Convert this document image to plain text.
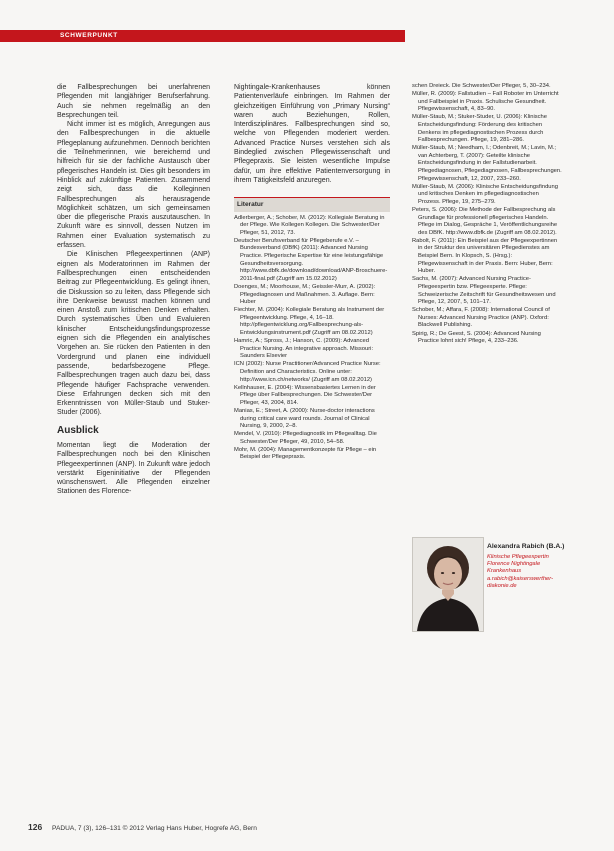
SCHWERPUNKT

die Fallbesprechungen bei unerfahrenen Pflegenden mit langjähriger Berufserfahrung. Auch sie nehmen regelmäßig an den Besprechungen teil.

Nicht immer ist es möglich, Anregungen aus den Fallbesprechungen in die aktuelle Pflegeplanung aufzunehmen. Dennoch berichten die Teilnehmerinnen, wie bereichernd und hilfreich für sie der fachliche Austausch über pflegerisches Handeln ist. Dies gilt besonders im Hinblick auf zukünftige Patienten. Zusammend zeigt sich, dass die Kolleginnen Fallbesprechungen als herausragende Möglichkeit schätzen, um sich gemeinsamen über die pflegerische Praxis auszutauschen. In Zukunft wäre es sinnvoll, dessen Nutzen im Rahmen einer Evaluation systematisch zu erfassen.

Die Klinischen Pflegeexpertinnen (ANP) eignen als Moderatorinnen im Rahmen der Fallbesprechungen einen entscheidenden Beitrag zur Pflegeentwicklung. Es gelingt ihnen, die Diskussion so zu leiten, dass Pflegende sich ihre Denkweise bewusst machen können und einen Anstoß zum kritischen Denken erhalten. Durch systematisches Üben und Evaluieren klinischer Entscheidungsfindungsprozesse eignen sich die Pflegenden ein analytisches Vorgehen an. Sie rücken den Patienten in den Vordergrund und planen eine individuell passende, bedarfsbezogene Pflege. Fallbesprechungen tragen auch dazu bei, dass Pflegende häufiger Fachsprache verwenden. Diese Erfahrungen decken sich mit den Erkenntnissen von Müller-Staub und Stuker-Studer (2006).

Ausblick

Momentan liegt die Moderation der Fallbesprechungen noch bei den Klinischen Pflegeexpertinnen (ANP). In Zukunft wäre jedoch verstärkt Eigeninitiative der Pflegenden wünschenswert. Alle Pflegenden einzelner Stationen des Florence-

Nightingale-Krankenhauses können Patientenverläufe einbringen. Im Rahmen der gleichzeitigen Einführung von „Primary Nursing“ waren auch Beziehungen, Rollen, Interdisziplinäres. Fallbesprechungen sind so, welche von Pflegenden moderiert werden. Advanced Practice Nurses verstehen sich als Bindeglied zwischen Pflegewissenschaft und Pflegepraxis. Sie leisten wesentliche Impulse dafür, um ihre effektive Patientenversorgung in ihrem Tätigkeitsfeld anzuregen.

Literatur

Adlerberger, A.; Schober, M. (2012): Kollegiale Beratung in der Pflege. Wie Kollegen Kollegen. Die Schwester/Der Pfleger, 51, 2012, 73.

Deutscher Berufsverband für Pflegeberufe e.V. – Bundesverband (DBfK) (2011): Advanced Nursing Practice. Pflegerische Expertise für eine leistungsfähige Gesundheitsversorgung. http://www.dbfk.de/download/download/ANP-Broschuere-2011-final.pdf (Zugriff am 15.02.2012)

Doenges, M.; Moorhouse, M.; Geissler-Murr, A. (2002): Pflegediagnosen und Maßnahmen. 3. Auflage. Bern: Huber

Fiechter, M. (2004): Kollegiale Beratung als Instrument der Pflegeentwicklung. Pflege, 4, 16–18. http://pflegentwicklung.org/Fallbesprechung-als-Entwicklungsinstrument.pdf (Zugriff am 08.02.2012)

Hamric, A.; Spross, J.; Hanson, C. (2009): Advanced Practice Nursing. An integrative approach. Missouri: Saunders Elsevier

ICN (2002): Nurse Practitioner/Advanced Practice Nurse: Definition and Characteristics. Online unter: http://www.icn.ch/networks/ (Zugriff am 08.02.2012)

Kellnhauser, E. (2004): Wissensbasiertes Lernen in der Pflege über Fallbesprechungen. Die Schwester/Der Pfleger, 43, 2004, 814.

Manias, E.; Street, A. (2000): Nurse-doctor interactions during critical care ward rounds. Journal of Clinical Nursing, 9, 2000, 2–8.

Mendel, V. (2010): Pflegediagnostik im Pflegealltag. Die Schwester/Der Pfleger, 49, 2010, 54–58.

Mohr, M. (2004): Managementkonzepte für Pflege – ein Beispiel der Pflegepraxis.

schen Dreieck. Die Schwester/Der Pfleger, 5, 30–234.

Müller, R. (2009): Fallstudien – Fall Roboter im Unterricht und Fallbeispiel in Praxis. Schulische Gesundheit. Pflegewissenschaft, 4, 83–90.

Müller-Staub, M.; Stuker-Studer, U. (2006): Klinische Entscheidungsfindung: Förderung des kritischen Denkens im pflegediagnostischen Prozess durch Fallbesprechungen. Pflege, 19, 281–286.

Müller-Staub, M.; Needham, I.; Odenbreit, M.; Lavin, M.; van Achterberg, T. (2007): Geteilte klinische Entscheidungsfindung in der Fallstudienarbeit. Pflegediagnosen, Pflegediagnosen, Fallbesprechungen. Pflegewissenschaft, 12, 2007, 233–260.

Müller-Staub, M. (2006): Klinische Entscheidungsfindung und kritisches Denken im pflegediagnostischen Prozess. Pflege, 19, 275–279.

Peters, S. (2006): Die Methode der Fallbesprechung als Grundlage für professionell pflegerisches Handeln. Pflege im Dialog, Gespräche 1, Veröffentlichungsreihe des DBfK. http://www.dbfk.de (Zugriff am 08.02.2012).

Rabolt, F. (2011): Ein Beispiel aus der Pflegeexpertinnen in der Struktur des universitären Pflegedienstes am Beispiel Bern. In Klopsch, S. (Hrsg.): Pflegewissenschaft in der Praxis. Bern: Huber, Bern: Huber.

Sachs, M. (2007): Advanced Nursing Practice-Pflegeexpertin bzw. Pflegeexperte. Pflege: Schweizerische Zeitschrift für Gesundheitswesen und Pflege, 12, 2007, 5, 101–17.

Schober, M.; Affara, F. (2008): International Council of Nurses: Advanced Nursing Practice (ANP). Oxford: Blackwell Publishing.

Spirig, R.; De Geest, S. (2004): Advanced Nursing Practice lohnt sich! Pflege, 4, 233–236.

Alexandra Rabich (B.A.)
Klinische Pflegeexpertin Florence Nightingale Krankenhaus a.rabich@kaiserswerther-diakonie.de
126 PADUA, 7 (3), 126–131 © 2012 Verlag Hans Huber, Hogrefe AG, Bern
